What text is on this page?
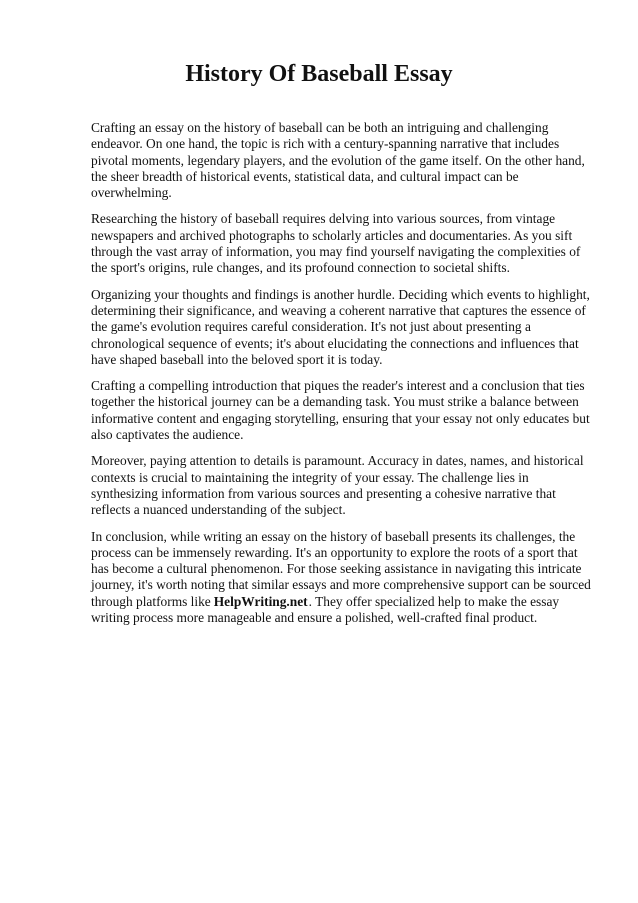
History Of Baseball Essay

Crafting an essay on the history of baseball can be both an intriguing and challenging endeavor. On one hand, the topic is rich with a century-spanning narrative that includes pivotal moments, legendary players, and the evolution of the game itself. On the other hand, the sheer breadth of historical events, statistical data, and cultural impact can be overwhelming.

Researching the history of baseball requires delving into various sources, from vintage newspapers and archived photographs to scholarly articles and documentaries. As you sift through the vast array of information, you may find yourself navigating the complexities of the sport's origins, rule changes, and its profound connection to societal shifts.

Organizing your thoughts and findings is another hurdle. Deciding which events to highlight, determining their significance, and weaving a coherent narrative that captures the essence of the game's evolution requires careful consideration. It's not just about presenting a chronological sequence of events; it's about elucidating the connections and influences that have shaped baseball into the beloved sport it is today.

Crafting a compelling introduction that piques the reader's interest and a conclusion that ties together the historical journey can be a demanding task. You must strike a balance between informative content and engaging storytelling, ensuring that your essay not only educates but also captivates the audience.

Moreover, paying attention to details is paramount. Accuracy in dates, names, and historical contexts is crucial to maintaining the integrity of your essay. The challenge lies in synthesizing information from various sources and presenting a cohesive narrative that reflects a nuanced understanding of the subject.

In conclusion, while writing an essay on the history of baseball presents its challenges, the process can be immensely rewarding. It's an opportunity to explore the roots of a sport that has become a cultural phenomenon. For those seeking assistance in navigating this intricate journey, it's worth noting that similar essays and more comprehensive support can be sourced through platforms like HelpWriting.net. They offer specialized help to make the essay writing process more manageable and ensure a polished, well-crafted final product.
